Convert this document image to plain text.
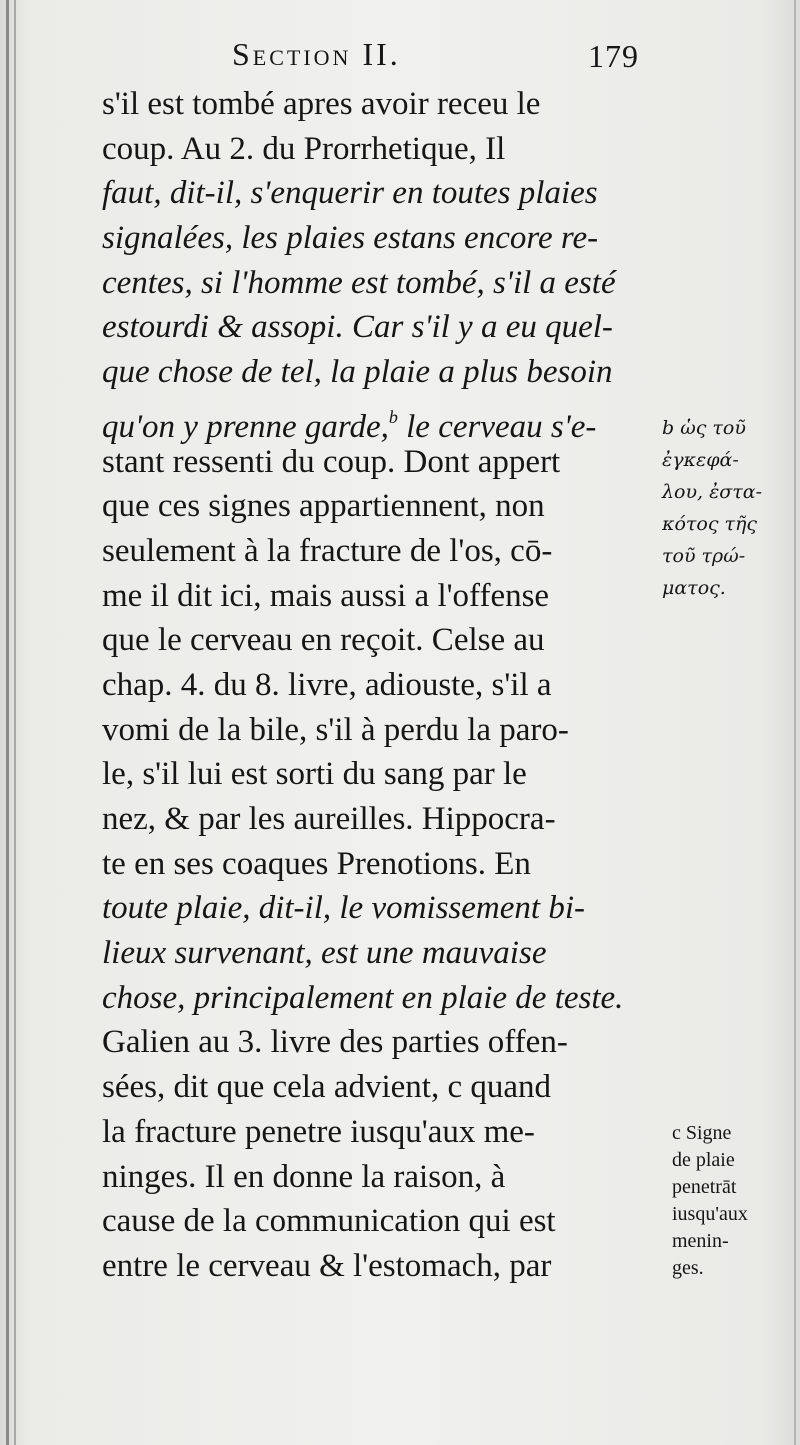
Section II.	179
s'il est tombé apres avoir receu le
coup. Au 2. du Prorrhetique, Il
faut, dit-il, s'enquerir en toutes plaies
signalées, les plaies estans encore re-
centes, si l'homme est tombé, s'il a esté
estourdi & assopi. Car s'il y a eu quel-
que chose de tel, la plaie a plus besoin
qu'on y prenne garde,$^b$ le cerveau s'e-
stant ressenti du coup. Dont appert
que ces signes appartiennent, non
seulement à la fracture de l'os, cō-
me il dit ici, mais aussi a l'offense
que le cerveau en reçoit. Celse au
chap. 4. du 8. livre, adiouste, s'il a
vomi de la bile, s'il à perdu la paro-
le, s'il lui est sorti du sang par le
nez, & par les aureilles. Hippocra-
te en ses coaques Prenotions. En
toute plaie, dit-il, le vomissement bi-
lieux survenant, est une mauvaise
chose, principalement en plaie de teste.
Galien au 3. livre des parties offen-
sées, dit que cela advient, c quand
la fracture penetre iusqu'aux me-
ninges. Il en donne la raison, à
cause de la communication qui est
entre le cerveau & l'estomach, par
b ὡς τοῦ
ἐγκεφά-
λου, ἐστα-
κότος τῆς
τοῦ τρώ-
ματος.
c Signe
de plaie
penetrāt
iusqu'aux
menin-
ges.
